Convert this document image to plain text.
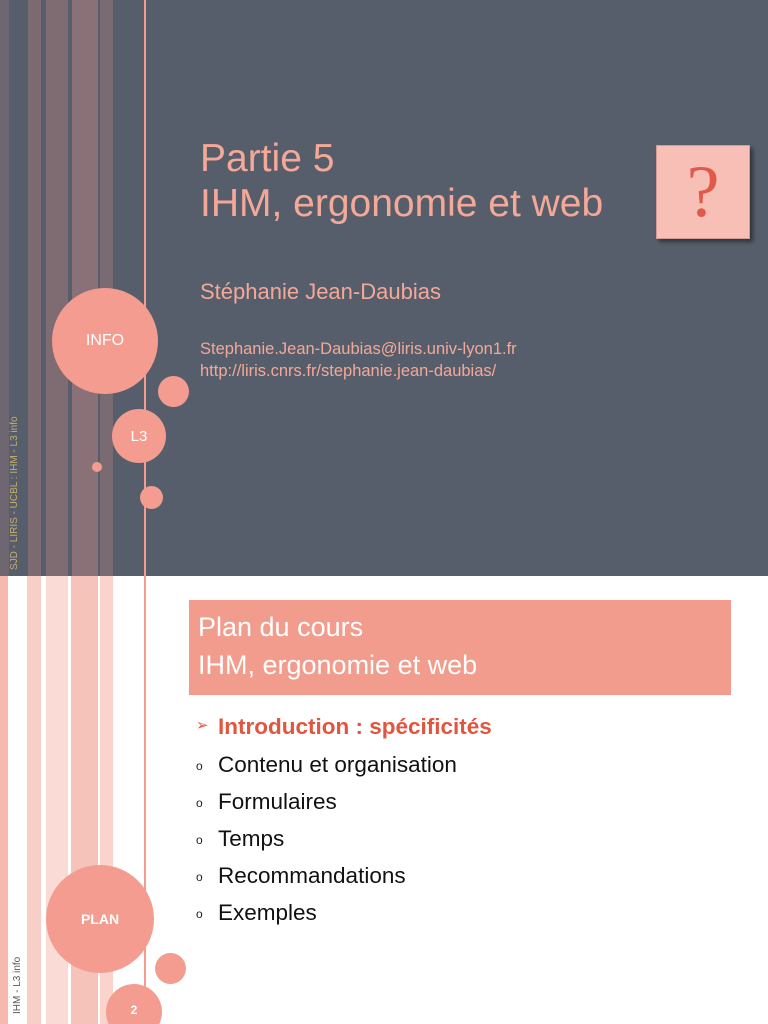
SJD - LIRIS - UCBL : IHM - L3 info
INFO
L3
Partie 5
IHM, ergonomie et web
Stéphanie Jean-Daubias
Stephanie.Jean-Daubias@liris.univ-lyon1.fr
http://liris.cnrs.fr/stephanie.jean-daubias/
?
IHM - L3 info
Plan du cours
IHM, ergonomie et web
➢ Introduction : spécificités
o Contenu et organisation
o Formulaires
o Temps
o Recommandations
o Exemples
PLAN
2
